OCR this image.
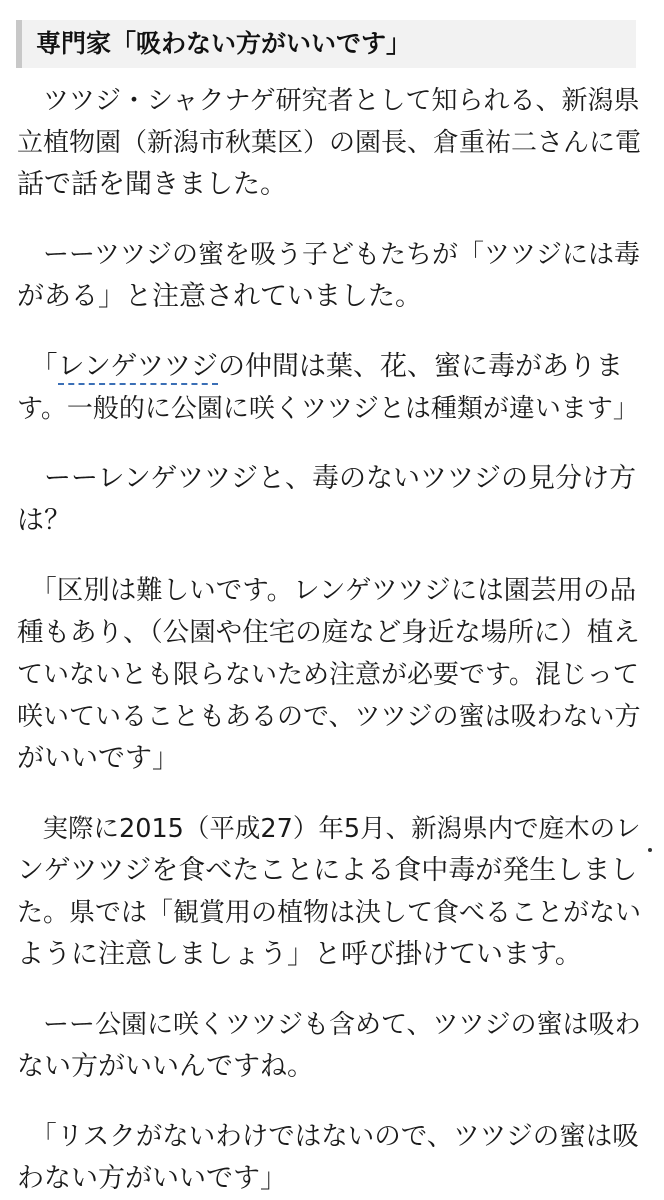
専門家「吸わない方がいいです」
　ツツジ・シャクナゲ研究者として知られる、新潟県
立植物園（新潟市秋葉区）の園長、倉重祐二さんに電
話で話を聞きました。
　ーーツツジの蜜を吸う子どもたちが「ツツジには毒
がある」と注意されていました。
　「レンゲツツジの仲間は葉、花、蜜に毒がありま
す。一般的に公園に咲くツツジとは種類が違います」
　ーーレンゲツツジと、毒のないツツジの見分け方
は？
　「区別は難しいです。レンゲツツジには園芸用の品
種もあり、（公園や住宅の庭など身近な場所に）植え
ていないとも限らないため注意が必要です。混じって
咲いていることもあるので、ツツジの蜜は吸わない方
がいいです」
　実際に2015（平成27）年5月、新潟県内で庭木のレ
ンゲツツジを食べたことによる食中毒が発生しまし
た。県では「観賞用の植物は決して食べることがない
ように注意しましょう」と呼び掛けています。
　ーー公園に咲くツツジも含めて、ツツジの蜜は吸わ
ない方がいいんですね。
　「リスクがないわけではないので、ツツジの蜜は吸
わない方がいいです」
